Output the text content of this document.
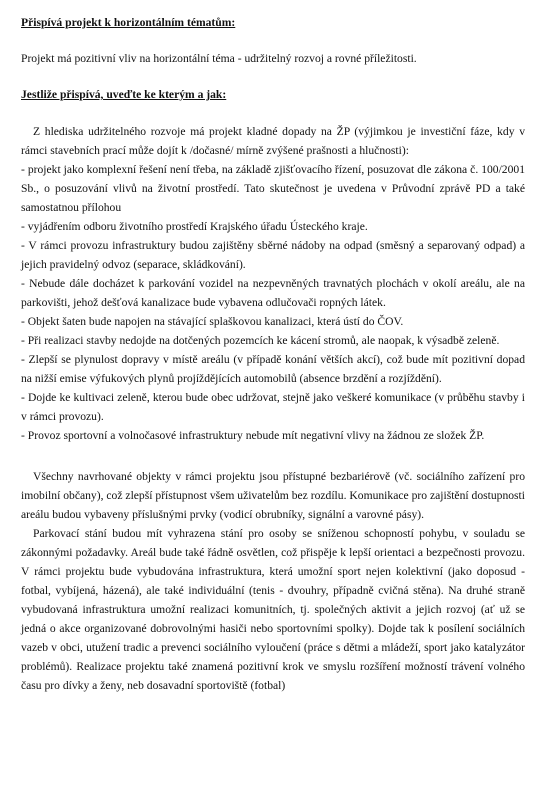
Přispívá projekt k horizontálním tématům:

Projekt má pozitivní vliv na horizontální téma - udržitelný rozvoj a rovné příležitosti.

Jestliže přispívá, uveďte ke kterým a jak:

Z hlediska udržitelného rozvoje má projekt kladné dopady na ŽP (výjimkou je investiční fáze, kdy v rámci stavebních prací může dojít k /dočasné/ mírně zvýšené prašnosti a hlučnosti):

- projekt jako komplexní řešení není třeba, na základě zjišťovacího řízení, posuzovat dle zákona č. 100/2001 Sb., o posuzování vlivů na životní prostředí. Tato skutečnost je uvedena v Průvodní zprávě PD a také samostatnou přílohou

- vyjádřením odboru životního prostředí Krajského úřadu Ústeckého kraje.

- V rámci provozu infrastruktury budou zajištěny sběrné nádoby na odpad (směsný a separovaný odpad) a jejich pravidelný odvoz (separace, skládkování).

- Nebude dále docházet k parkování vozidel na nezpevněných travnatých plochách v okolí areálu, ale na parkovišti, jehož dešťová kanalizace bude vybavena odlučovači ropných látek.

- Objekt šaten bude napojen na stávající splaškovou kanalizaci, která ústí do ČOV.

- Při realizaci stavby nedojde na dotčených pozemcích ke kácení stromů, ale naopak, k výsadbě zeleně.

- Zlepší se plynulost dopravy v místě areálu (v případě konání větších akcí), což bude mít pozitivní dopad na nižší emise výfukových plynů projíždějících automobilů (absence brzdění a rozjíždění).

- Dojde ke kultivaci zeleně, kterou bude obec udržovat, stejně jako veškeré komunikace (v průběhu stavby i v rámci provozu).

- Provoz sportovní a volnočasové infrastruktury nebude mít negativní vlivy na žádnou ze složek ŽP.

Všechny navrhované objekty v rámci projektu jsou přístupné bezbariérově (vč. sociálního zařízení pro imobilní občany), což zlepší přístupnost všem uživatelům bez rozdílu. Komunikace pro zajištění dostupnosti areálu budou vybaveny příslušnými prvky (vodicí obrubníky, signální a varovné pásy).

Parkovací stání budou mít vyhrazena stání pro osoby se sníženou schopností pohybu, v souladu se zákonnými požadavky. Areál bude také řádně osvětlen, což přispěje k lepší orientaci a bezpečnosti provozu. V rámci projektu bude vybudována infrastruktura, která umožní sport nejen kolektivní (jako doposud - fotbal, vybíjená, házená), ale také individuální (tenis - dvouhry, případně cvičná stěna). Na druhé straně vybudovaná infrastruktura umožní realizaci komunitních, tj. společných aktivit a jejich rozvoj (ať už se jedná o akce organizované dobrovolnými hasiči nebo sportovními spolky). Dojde tak k posílení sociálních vazeb v obci, utužení tradic a prevenci sociálního vyloučení (práce s dětmi a mládeží, sport jako katalyzátor problémů). Realizace projektu také znamená pozitivní krok ve smyslu rozšíření možností trávení volného času pro dívky a ženy, neb dosavadní sportoviště (fotbal)
